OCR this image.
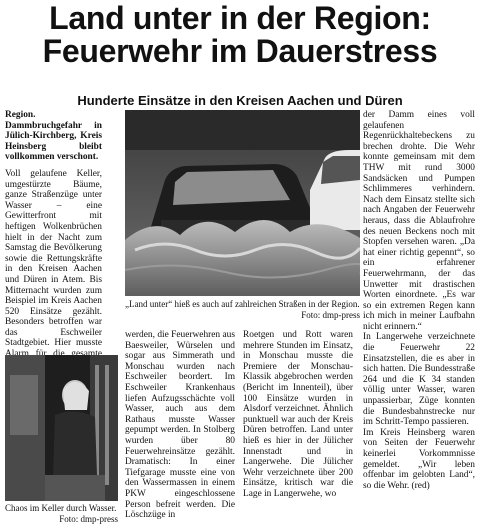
Land unter in der Region:
Feuerwehr im Dauerstress
Hunderte Einsätze in den Kreisen Aachen und Düren

Region. Dammbruchgefahr in Jülich-Kirchberg, Kreis Heinsberg bleibt vollkommen verschont.

Voll gelaufene Keller, umgestürzte Bäume, ganze Straßenzüge unter Wasser – eine Gewitterfront mit heftigen Wolkenbrüchen hielt in der Nacht zum Samstag die Bevölkerung sowie die Rettungskräfte in den Kreisen Aachen und Düren in Atem. Bis Mitternacht wurden zum Beispiel im Kreis Aachen 520 Einsätze gezählt. Besonders betroffen war das Eschweiler Stadtgebiet. Hier musste

„Land unter“ hieß es auch auf zahlreichen Straßen in der Region.
Foto: dmp-press
Chaos im Keller durch Wasser.
Foto: dmp-press

werden, die Feuerwehren aus Baesweiler, Würselen und sogar aus Simmerath und Monschau wurden nach Eschweiler beordert. Im Eschweiler Krankenhaus liefen Aufzugsschächte voll Wasser, auch aus dem Rathaus musste Wasser gepumpt werden. In Stolberg wurden über 80 Feuerwehreinsätze gezählt. Dramatisch: In einer Tiefgarage musste eine von den Wassermassen in einem PKW eingeschlossene Person befreit werden. Die Löschzüge in

Roetgen und Rott waren mehrere Stunden im Einsatz, in Monschau musste die Premiere der Monschau-Klassik abgebrochen werden (Bericht im Innenteil), über 100 Einsätze wurden in Alsdorf verzeichnet. Ähnlich punktuell war auch der Kreis Düren betroffen. Land unter hieß es hier in der Jülicher Innenstadt und in Langerwehe. Die Jülicher Wehr verzeichnete über 200 Einsätze, kritisch war die Lage in Langerwehe, wo

der Damm eines voll gelaufenen Regenrückhaltebeckens zu brechen drohte. Die Wehr konnte gemeinsam mit dem THW mit rund 3000 Sandsäcken und Pumpen Schlimmeres verhindern. Nach dem Einsatz stellte sich nach Angaben der Feuerwehr heraus, dass die Ablaufrohre des neuen Beckens noch mit Stopfen versehen waren. „Da hat einer richtig gepennt“, so ein erfahrener Feuerwehrmann, der das Unwetter mit drastischen Worten einordnete. „Es war so ein extremen Regen kann ich mich in meiner Laufbahn nicht erinnern.“

In Langerwehe verzeichnete die Feuerwehr 22 Einsatzstellen, die es aber in sich hatten. Die Bundesstraße 264 und die K 34 standen völlig unter Wasser, waren unpassierbar, Züge konnten die Bundesbahnstrecke nur im Schritt-Tempo passieren.

Im Kreis Heinsberg waren von Seiten der Feuerwehr keinerlei Vorkommnisse gemeldet. „Wir leben offenbar im gelobten Land“, so die Wehr. (red)
